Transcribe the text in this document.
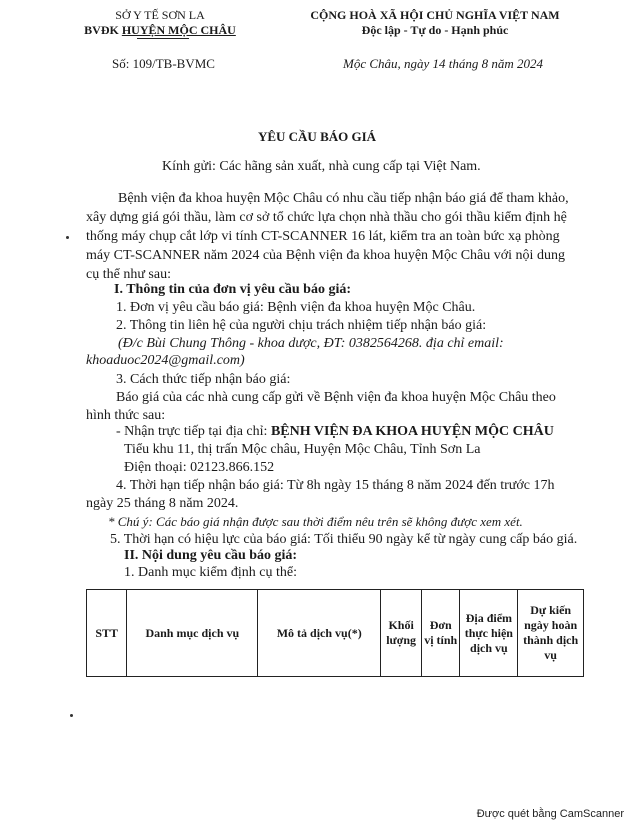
SỞ Y TẾ SƠN LA
BVĐK HUYỆN MỘC CHÂU
Số: 109/TB-BVMC
CỘNG HOÀ XÃ HỘI CHỦ NGHĨA VIỆT NAM
Độc lập - Tự do - Hạnh phúc
Mộc Châu, ngày 14 tháng 8 năm 2024
YÊU CẦU BÁO GIÁ
Kính gửi: Các hãng sản xuất, nhà cung cấp tại Việt Nam.
Bệnh viện đa khoa huyện Mộc Châu có nhu cầu tiếp nhận báo giá để tham khảo,
xây dựng giá gói thầu, làm cơ sở tổ chức lựa chọn nhà thầu cho gói thầu kiểm định hệ
thống máy chụp cắt lớp vi tính CT-SCANNER 16 lát, kiểm tra an toàn bức xạ phòng
máy CT-SCANNER năm 2024 của Bệnh viện đa khoa huyện Mộc Châu với nội dung
cụ thể như sau:
I. Thông tin của đơn vị yêu cầu báo giá:
1. Đơn vị yêu cầu báo giá: Bệnh viện đa khoa huyện Mộc Châu.
2. Thông tin liên hệ của người chịu trách nhiệm tiếp nhận báo giá:
(Đ/c Bùi Chung Thông - khoa dược, ĐT: 0382564268. địa chỉ email:
khoaduoc2024@gmail.com)
3. Cách thức tiếp nhận báo giá:
Báo giá của các nhà cung cấp gửi về Bệnh viện đa khoa huyện Mộc Châu theo
hình thức sau:
- Nhận trực tiếp tại địa chỉ: BỆNH VIỆN ĐA KHOA HUYỆN MỘC CHÂU
Tiểu khu 11, thị trấn Mộc châu, Huyện Mộc Châu, Tỉnh Sơn La
Điện thoại: 02123.866.152
4. Thời hạn tiếp nhận báo giá: Từ 8h ngày 15 tháng 8 năm 2024 đến trước 17h
ngày 25 tháng 8 năm 2024.
* Chú ý: Các báo giá nhận được sau thời điểm nêu trên sẽ không được xem xét.
5. Thời hạn có hiệu lực của báo giá: Tối thiểu 90 ngày kể từ ngày cung cấp báo giá.
II. Nội dung yêu cầu báo giá:
1. Danh mục kiểm định cụ thể:
STT	Danh mục dịch vụ	Mô tả dịch vụ(*)	Khối lượng	Đơn vị tính	Địa điểm thực hiện dịch vụ	Dự kiến ngày hoàn thành dịch vụ
Được quét bằng CamScanner
